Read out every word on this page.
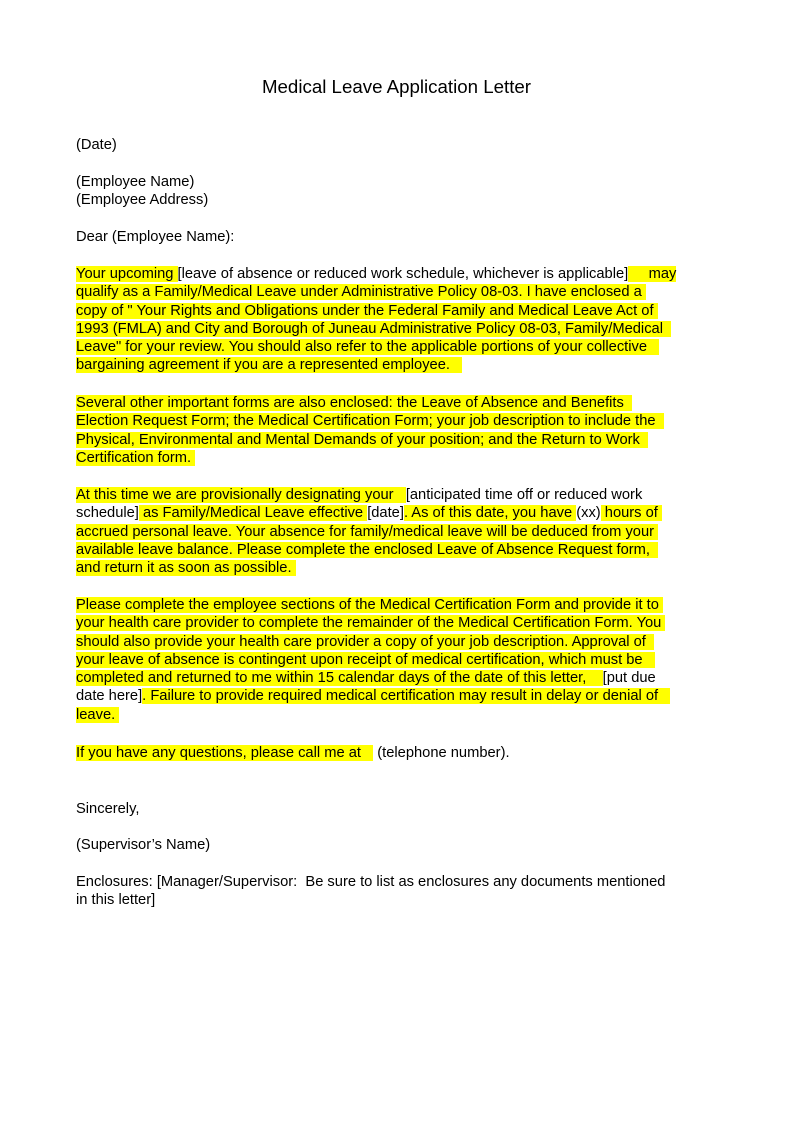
Medical Leave Application Letter

(Date)

(Employee Name)
(Employee Address)

Dear (Employee Name):

Your upcoming [leave of absence or reduced work schedule, whichever is applicable]     may
qualify as a Family/Medical Leave under Administrative Policy 08-03. I have enclosed a
copy of " Your Rights and Obligations under the Federal Family and Medical Leave Act of
1993 (FMLA) and City and Borough of Juneau Administrative Policy 08-03, Family/Medical
Leave" for your review. You should also refer to the applicable portions of your collective
bargaining agreement if you are a represented employee.

Several other important forms are also enclosed: the Leave of Absence and Benefits
Election Request Form; the Medical Certification Form; your job description to include the
Physical, Environmental and Mental Demands of your position; and the Return to Work
Certification form.

At this time we are provisionally designating your   [anticipated time off or reduced work
schedule] as Family/Medical Leave effective [date]. As of this date, you have (xx) hours of
accrued personal leave. Your absence for family/medical leave will be deduced from your
available leave balance. Please complete the enclosed Leave of Absence Request form,
and return it as soon as possible.

Please complete the employee sections of the Medical Certification Form and provide it to
your health care provider to complete the remainder of the Medical Certification Form. You
should also provide your health care provider a copy of your job description. Approval of
your leave of absence is contingent upon receipt of medical certification, which must be
completed and returned to me within 15 calendar days of the date of this letter,    [put due
date here]. Failure to provide required medical certification may result in delay or denial of
leave.

If you have any questions, please call me at    (telephone number).

Sincerely,

(Supervisor’s Name)

Enclosures: [Manager/Supervisor:  Be sure to list as enclosures any documents mentioned
in this letter]
